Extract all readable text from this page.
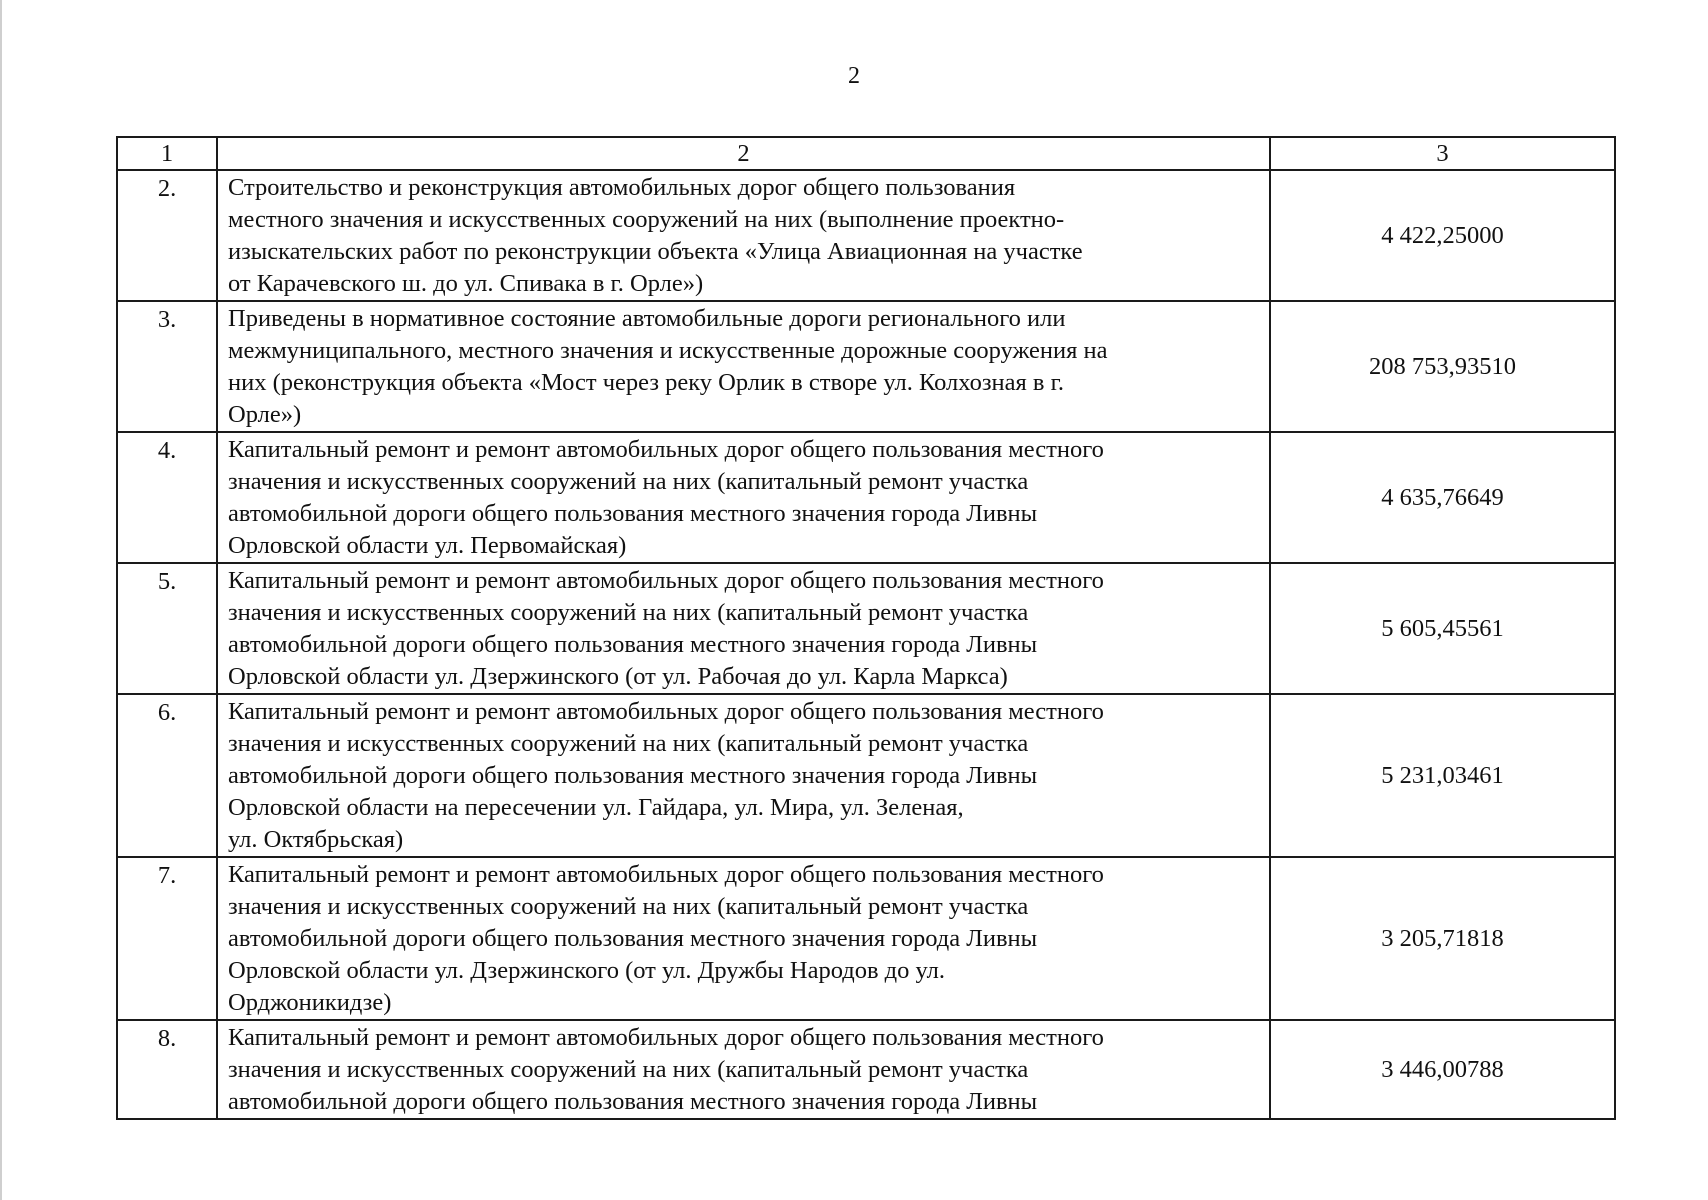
2
1	2	3
2.	Строительство и реконструкция автомобильных дорог общего пользования
местного значения и искусственных сооружений на них (выполнение проектно-
изыскательских работ по реконструкции объекта «Улица Авиационная на участке
от Карачевского ш. до ул. Спивака в г. Орле»)	4 422,25000
3.	Приведены в нормативное состояние автомобильные дороги регионального или
межмуниципального, местного значения и искусственные дорожные сооружения на
них (реконструкция объекта «Мост через реку Орлик в створе ул. Колхозная в г.
Орле»)	208 753,93510
4.	Капитальный ремонт и ремонт автомобильных дорог общего пользования местного
значения и искусственных сооружений на них (капитальный ремонт участка
автомобильной дороги общего пользования местного значения города Ливны
Орловской области ул. Первомайская)	4 635,76649
5.	Капитальный ремонт и ремонт автомобильных дорог общего пользования местного
значения и искусственных сооружений на них (капитальный ремонт участка
автомобильной дороги общего пользования местного значения города Ливны
Орловской области ул. Дзержинского (от ул. Рабочая до ул. Карла Маркса)	5 605,45561
6.	Капитальный ремонт и ремонт автомобильных дорог общего пользования местного
значения и искусственных сооружений на них (капитальный ремонт участка
автомобильной дороги общего пользования местного значения города Ливны
Орловской области на пересечении ул. Гайдара, ул. Мира, ул. Зеленая,
ул. Октябрьская)	5 231,03461
7.	Капитальный ремонт и ремонт автомобильных дорог общего пользования местного
значения и искусственных сооружений на них (капитальный ремонт участка
автомобильной дороги общего пользования местного значения города Ливны
Орловской области ул. Дзержинского (от ул. Дружбы Народов до ул.
Орджоникидзе)	3 205,71818
8.	Капитальный ремонт и ремонт автомобильных дорог общего пользования местного
значения и искусственных сооружений на них (капитальный ремонт участка
автомобильной дороги общего пользования местного значения города Ливны	3 446,00788
